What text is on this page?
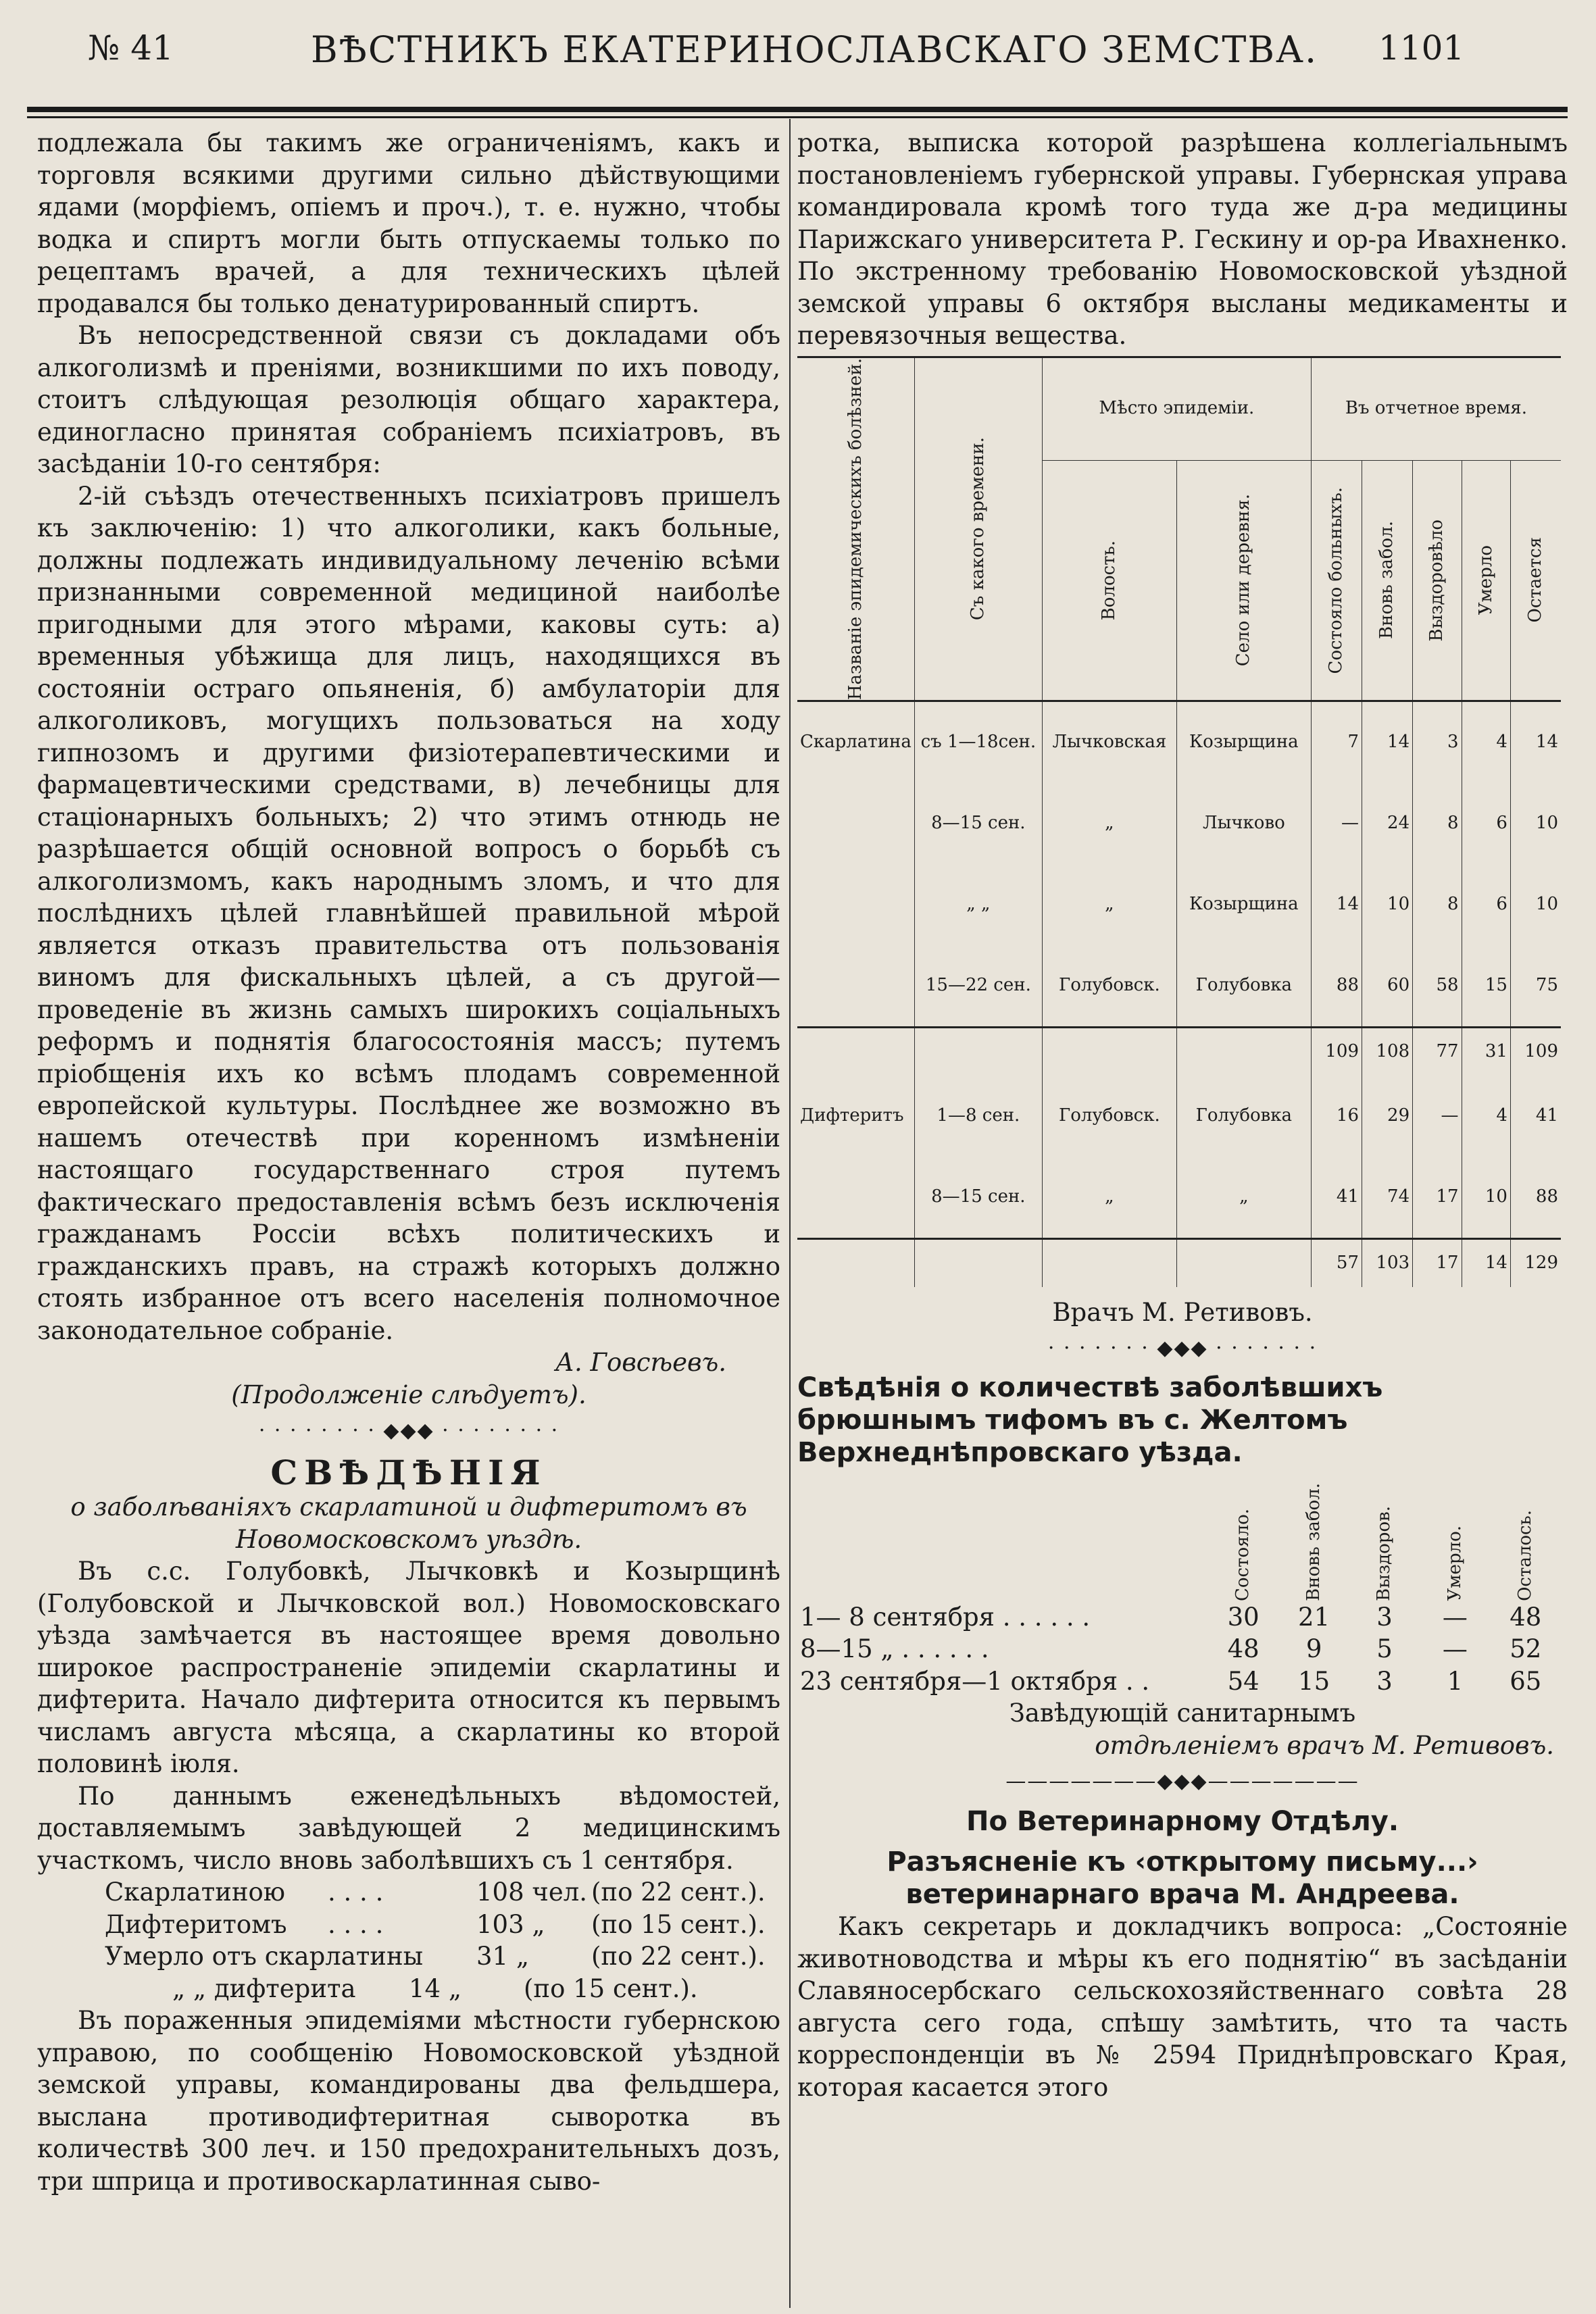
№ 41	ВѢСТНИКЪ ЕКАТЕРИНОСЛАВСКАГО ЗЕМСТВА. 1101

подлежала бы такимъ же ограниченіямъ, какъ и торговля всякими другими сильно дѣйствующими ядами (морфіемъ, опіемъ и проч.), т. е. нужно, чтобы водка и спиртъ могли быть отпускаемы только по рецептамъ врачей, а для техническихъ цѣлей продавался бы только денатурированный спиртъ.

Въ непосредственной связи съ докладами объ алкоголизмѣ и преніями, возникшими по ихъ поводу, стоитъ слѣдующая резолюція общаго характера, единогласно принятая собраніемъ психіатровъ, въ засѣданіи 10-го сентября:

2-ій съѣздъ отечественныхъ психіатровъ пришелъ къ заключенію: 1) что алкоголики, какъ больные, должны подлежать индивидуальному леченію всѣми признанными современной медициной наиболѣе пригодными для этого мѣрами, каковы суть: а) временныя убѣжища для лицъ, находящихся въ состояніи остраго опьяненія, б) амбулаторіи для алкоголиковъ, могущихъ пользоваться на ходу гипнозомъ и другими физіотерапевтическими и фармацевтическими средствами, в) лечебницы для стаціонарныхъ больныхъ; 2) что этимъ отнюдь не разрѣшается общій основной вопросъ о борьбѣ съ алкоголизмомъ, какъ народнымъ зломъ, и что для послѣднихъ цѣлей главнѣйшей правильной мѣрой является отказъ правительства отъ пользованія виномъ для фискальныхъ цѣлей, а съ другой—проведеніе въ жизнь самыхъ широкихъ соціальныхъ реформъ и поднятія благосостоянія массъ; путемъ пріобщенія ихъ ко всѣмъ плодамъ современной европейской культуры. Послѣднее же возможно въ нашемъ отечествѣ при коренномъ измѣненіи настоящаго государственнаго строя путемъ фактическаго предоставленія всѣмъ безъ исключенія гражданамъ Россіи всѣхъ политическихъ и гражданскихъ правъ, на стражѣ которыхъ должно стоять избранное отъ всего населенія полномочное законодательное собраніе.

А. Говсѣевъ.

(Продолженіе слѣдуетъ).

· · · · · · · · ◆◆◆ · · · · · · · ·
СВѢДѢНІЯ

о заболѣваніяхъ скарлатиной и дифтеритомъ въ

Новомосковскомъ уѣздѣ.

Въ с.с. Голубовкѣ, Лычковкѣ и Козырщинѣ (Голубовской и Лычковской вол.) Новомосковскаго уѣзда замѣчается въ настоящее время довольно широкое распространеніе эпидеміи скарлатины и дифтерита. Начало дифтерита относится къ первымъ числамъ августа мѣсяца, а скарлатины ко второй половинѣ іюля.

По даннымъ еженедѣльныхъ вѣдомостей, доставляемымъ завѣдующей 2 медицинскимъ участкомъ, число вновь заболѣвшихъ съ 1 сентября.

Скарлатиною	. . . .	108 чел. (по 22 сент.).
Дифтеритомъ	. . . .	103 „	(по 15 сент.).
Умерло отъ скарлатины	31 „	(по 22 сент.).
„ „ дифтерита	14 „	(по 15 сент.).

Въ пораженныя эпидеміями мѣстности губернскою управою, по сообщенію Новомосковской уѣздной земской управы, командированы два фельдшера, выслана противодифтеритная сыворотка въ количествѣ 300 леч. и 150 предохранительныхъ дозъ, три шприца и противоскарлатинная сыво-

ротка, выписка которой разрѣшена коллегіальнымъ постановленіемъ губернской управы. Губернская управа командировала кромѣ того туда же д-ра медицины Парижскаго университета Р. Гескину и ор-ра Ивахненко. По экстренному требованію Новомосковской уѣздной земской управы 6 октября высланы медикаменты и перевязочныя вещества.

Названіе эпидемическихъ болѣзней.	Съ какого времени.	Мѣсто эпидеміи.		Въ отчетное время.				

		Волость.	Село или деревня.	Состояло больныхъ.	Вновь забол.	Выздоровѣло	Умерло	Остается

Скарлатина	съ 1—18сен.	Лычковская	Козырщина	7	14	3	4	14
	8—15 сен.	„	Лычково	—	24	8	6	10
	„ „	„	Козырщина	14	10	8	6	10
	15—22 сен.	Голубовск.	Голубовка	88	60	58	15	75
				109	108	77	31	109
Дифтеритъ	1—8 сен.	Голубовск.	Голубовка	16	29	—	4	41
	8—15 сен.	„	„	41	74	17	10	88
				57	103	17	14	129

Врачъ М. Ретивовъ.

· · · · · · · ◆◆◆ · · · · · · ·

Свѣдѣнія о количествѣ заболѣвшихъ брюшнымъ тифомъ въ с. Желтомъ Верхнеднѣпровскаго уѣзда.

	Состояло.	Вновь забол.	Выздоров.	Умерло.	Осталось.

1— 8 сентября . . . . . .	30	21	3	—	48
8—15 „ . . . . . .	48	9	5	—	52
23 сентября—1 октября . .	54	15	3	1	65

Завѣдующій санитарнымъ

отдѣленіемъ врачъ М. Ретивовъ.

———————◆◆◆———————

По Ветеринарному Отдѣлу.

Разъясненіе къ ‹открытому письму...› ветеринарнаго врача М. Андреева.

Какъ секретарь и докладчикъ вопроса: „Состояніе животноводства и мѣры къ его поднятію“ въ засѣданіи Славяносербскаго сельскохозяйственнаго совѣта 28 августа сего года, спѣшу замѣтить, что та часть корреспонденціи въ № 2594 Приднѣпровскаго Края, которая касается этого
